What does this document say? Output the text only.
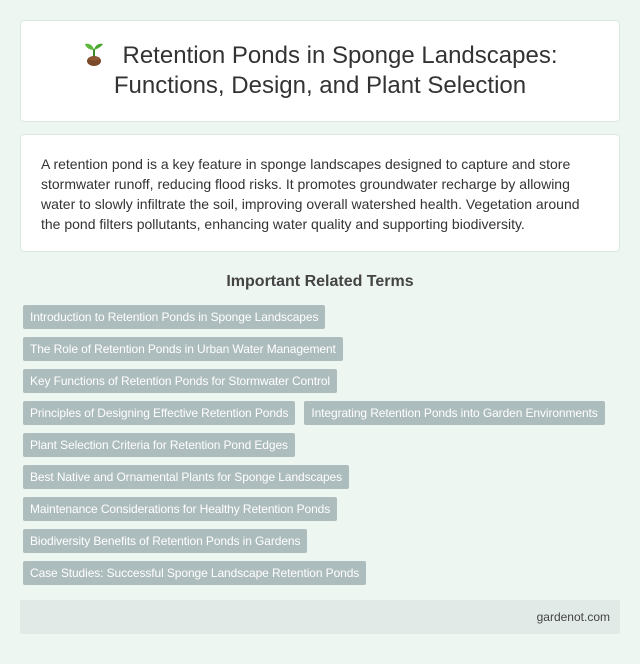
Retention Ponds in Sponge Landscapes:
Functions, Design, and Plant Selection

A retention pond is a key feature in sponge landscapes designed to capture and store stormwater runoff, reducing flood risks. It promotes groundwater recharge by allowing water to slowly infiltrate the soil, improving overall watershed health. Vegetation around the pond filters pollutants, enhancing water quality and supporting biodiversity.

Important Related Terms
Introduction to Retention Ponds in Sponge Landscapes
The Role of Retention Ponds in Urban Water Management
Key Functions of Retention Ponds for Stormwater Control
Principles of Designing Effective Retention Ponds	Integrating Retention Ponds into Garden Environments
Plant Selection Criteria for Retention Pond Edges
Best Native and Ornamental Plants for Sponge Landscapes
Maintenance Considerations for Healthy Retention Ponds
Biodiversity Benefits of Retention Ponds in Gardens
Case Studies: Successful Sponge Landscape Retention Ponds
gardenot.com
